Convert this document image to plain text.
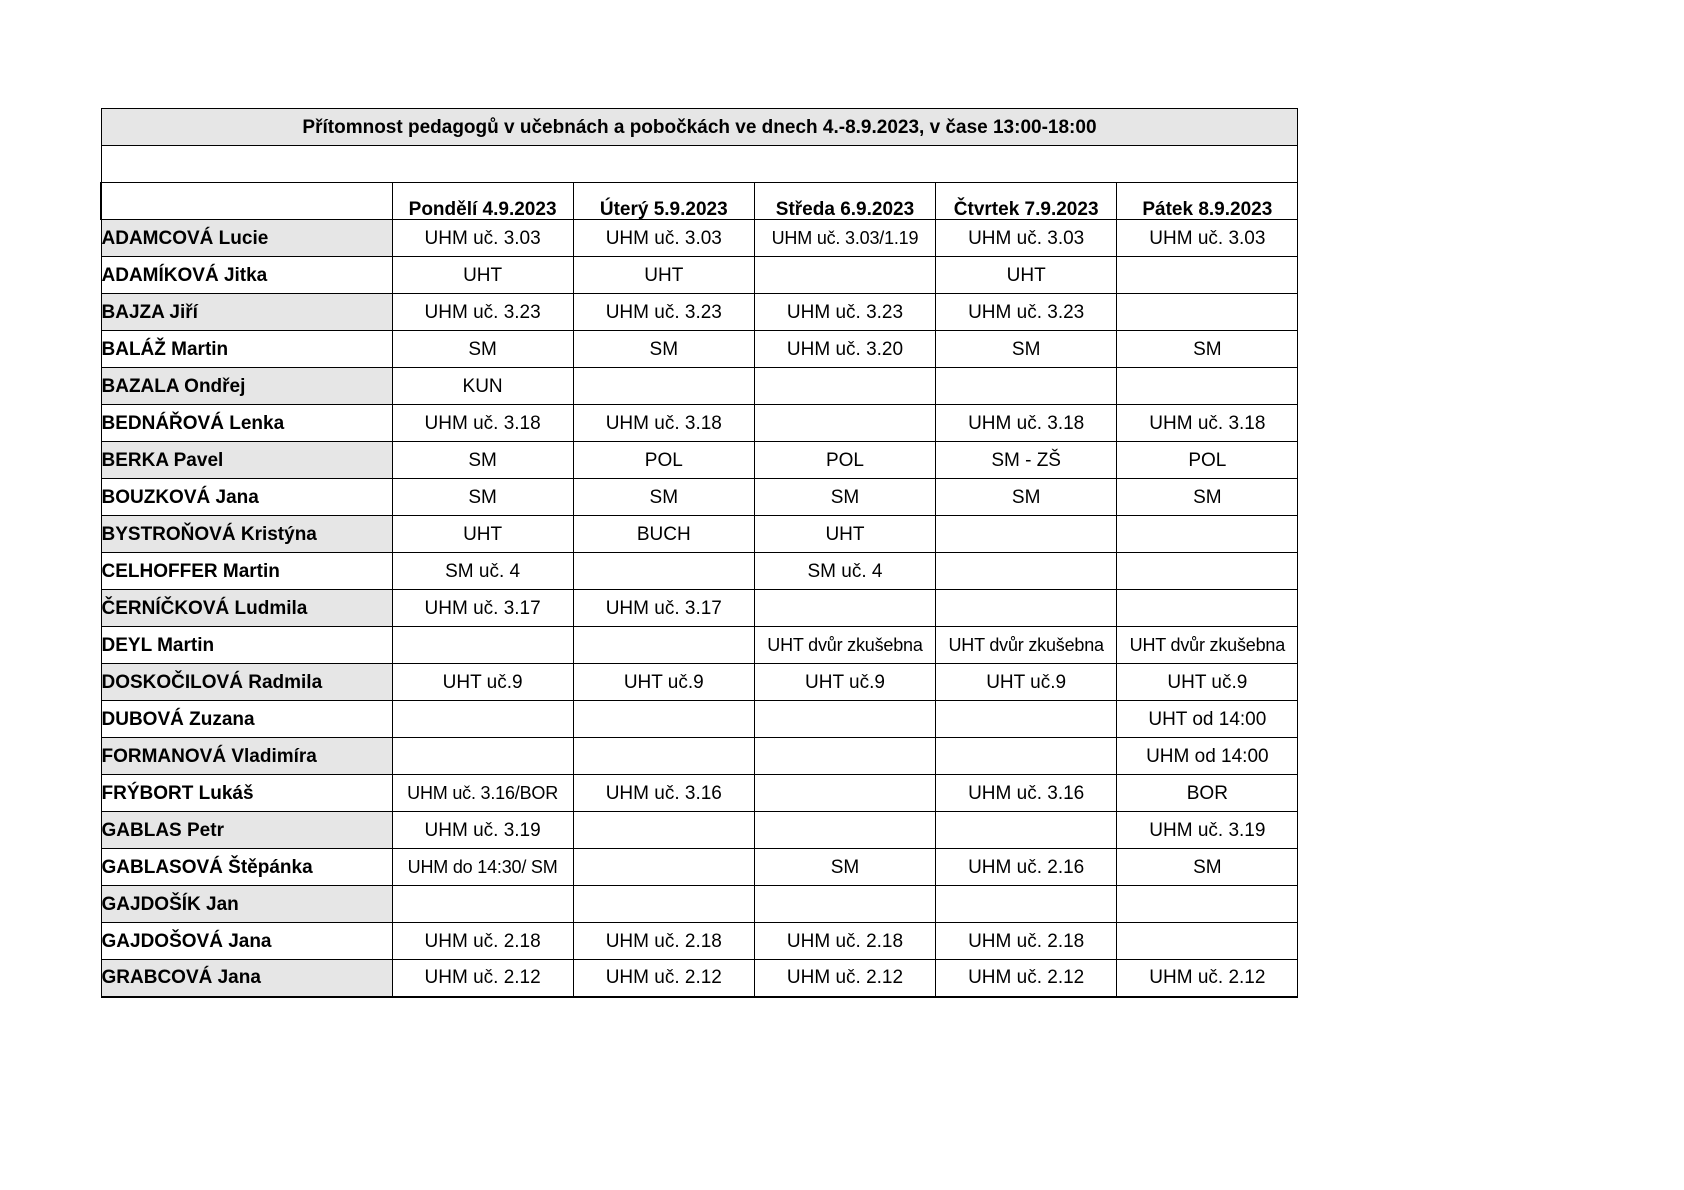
Přítomnost pedagogů v učebnách a pobočkách ve dnech 4.-8.9.2023, v čase 13:00-18:00					

	Pondělí 4.9.2023	Úterý 5.9.2023	Středa 6.9.2023	Čtvrtek 7.9.2023	Pátek 8.9.2023
ADAMCOVÁ Lucie	UHM uč. 3.03	UHM uč. 3.03	UHM uč. 3.03/1.19	UHM uč. 3.03	UHM uč. 3.03
ADAMÍKOVÁ Jitka	UHT	UHT		UHT	
BAJZA Jiří	UHM uč. 3.23	UHM uč. 3.23	UHM uč. 3.23	UHM uč. 3.23	
BALÁŽ Martin	SM	SM	UHM uč. 3.20	SM	SM
BAZALA Ondřej	KUN				
BEDNÁŘOVÁ Lenka	UHM uč. 3.18	UHM uč. 3.18		UHM uč. 3.18	UHM uč. 3.18
BERKA Pavel	SM	POL	POL	SM - ZŠ	POL
BOUZKOVÁ Jana	SM	SM	SM	SM	SM
BYSTROŇOVÁ Kristýna	UHT	BUCH	UHT		
CELHOFFER Martin	SM uč. 4		SM uč. 4		
ČERNÍČKOVÁ Ludmila	UHM uč. 3.17	UHM uč. 3.17			
DEYL Martin			UHT dvůr zkušebna	UHT dvůr zkušebna	UHT dvůr zkušebna
DOSKOČILOVÁ Radmila	UHT uč.9	UHT uč.9	UHT uč.9	UHT uč.9	UHT uč.9
DUBOVÁ Zuzana					UHT od 14:00
FORMANOVÁ Vladimíra					UHM od 14:00
FRÝBORT Lukáš	UHM uč. 3.16/BOR	UHM uč. 3.16		UHM uč. 3.16	BOR
GABLAS Petr	UHM uč. 3.19				UHM uč. 3.19
GABLASOVÁ Štěpánka	UHM do 14:30/ SM		SM	UHM uč. 2.16	SM
GAJDOŠÍK Jan					
GAJDOŠOVÁ Jana	UHM uč. 2.18	UHM uč. 2.18	UHM uč. 2.18	UHM uč. 2.18	
GRABCOVÁ Jana	UHM uč. 2.12	UHM uč. 2.12	UHM uč. 2.12	UHM uč. 2.12	UHM uč. 2.12
